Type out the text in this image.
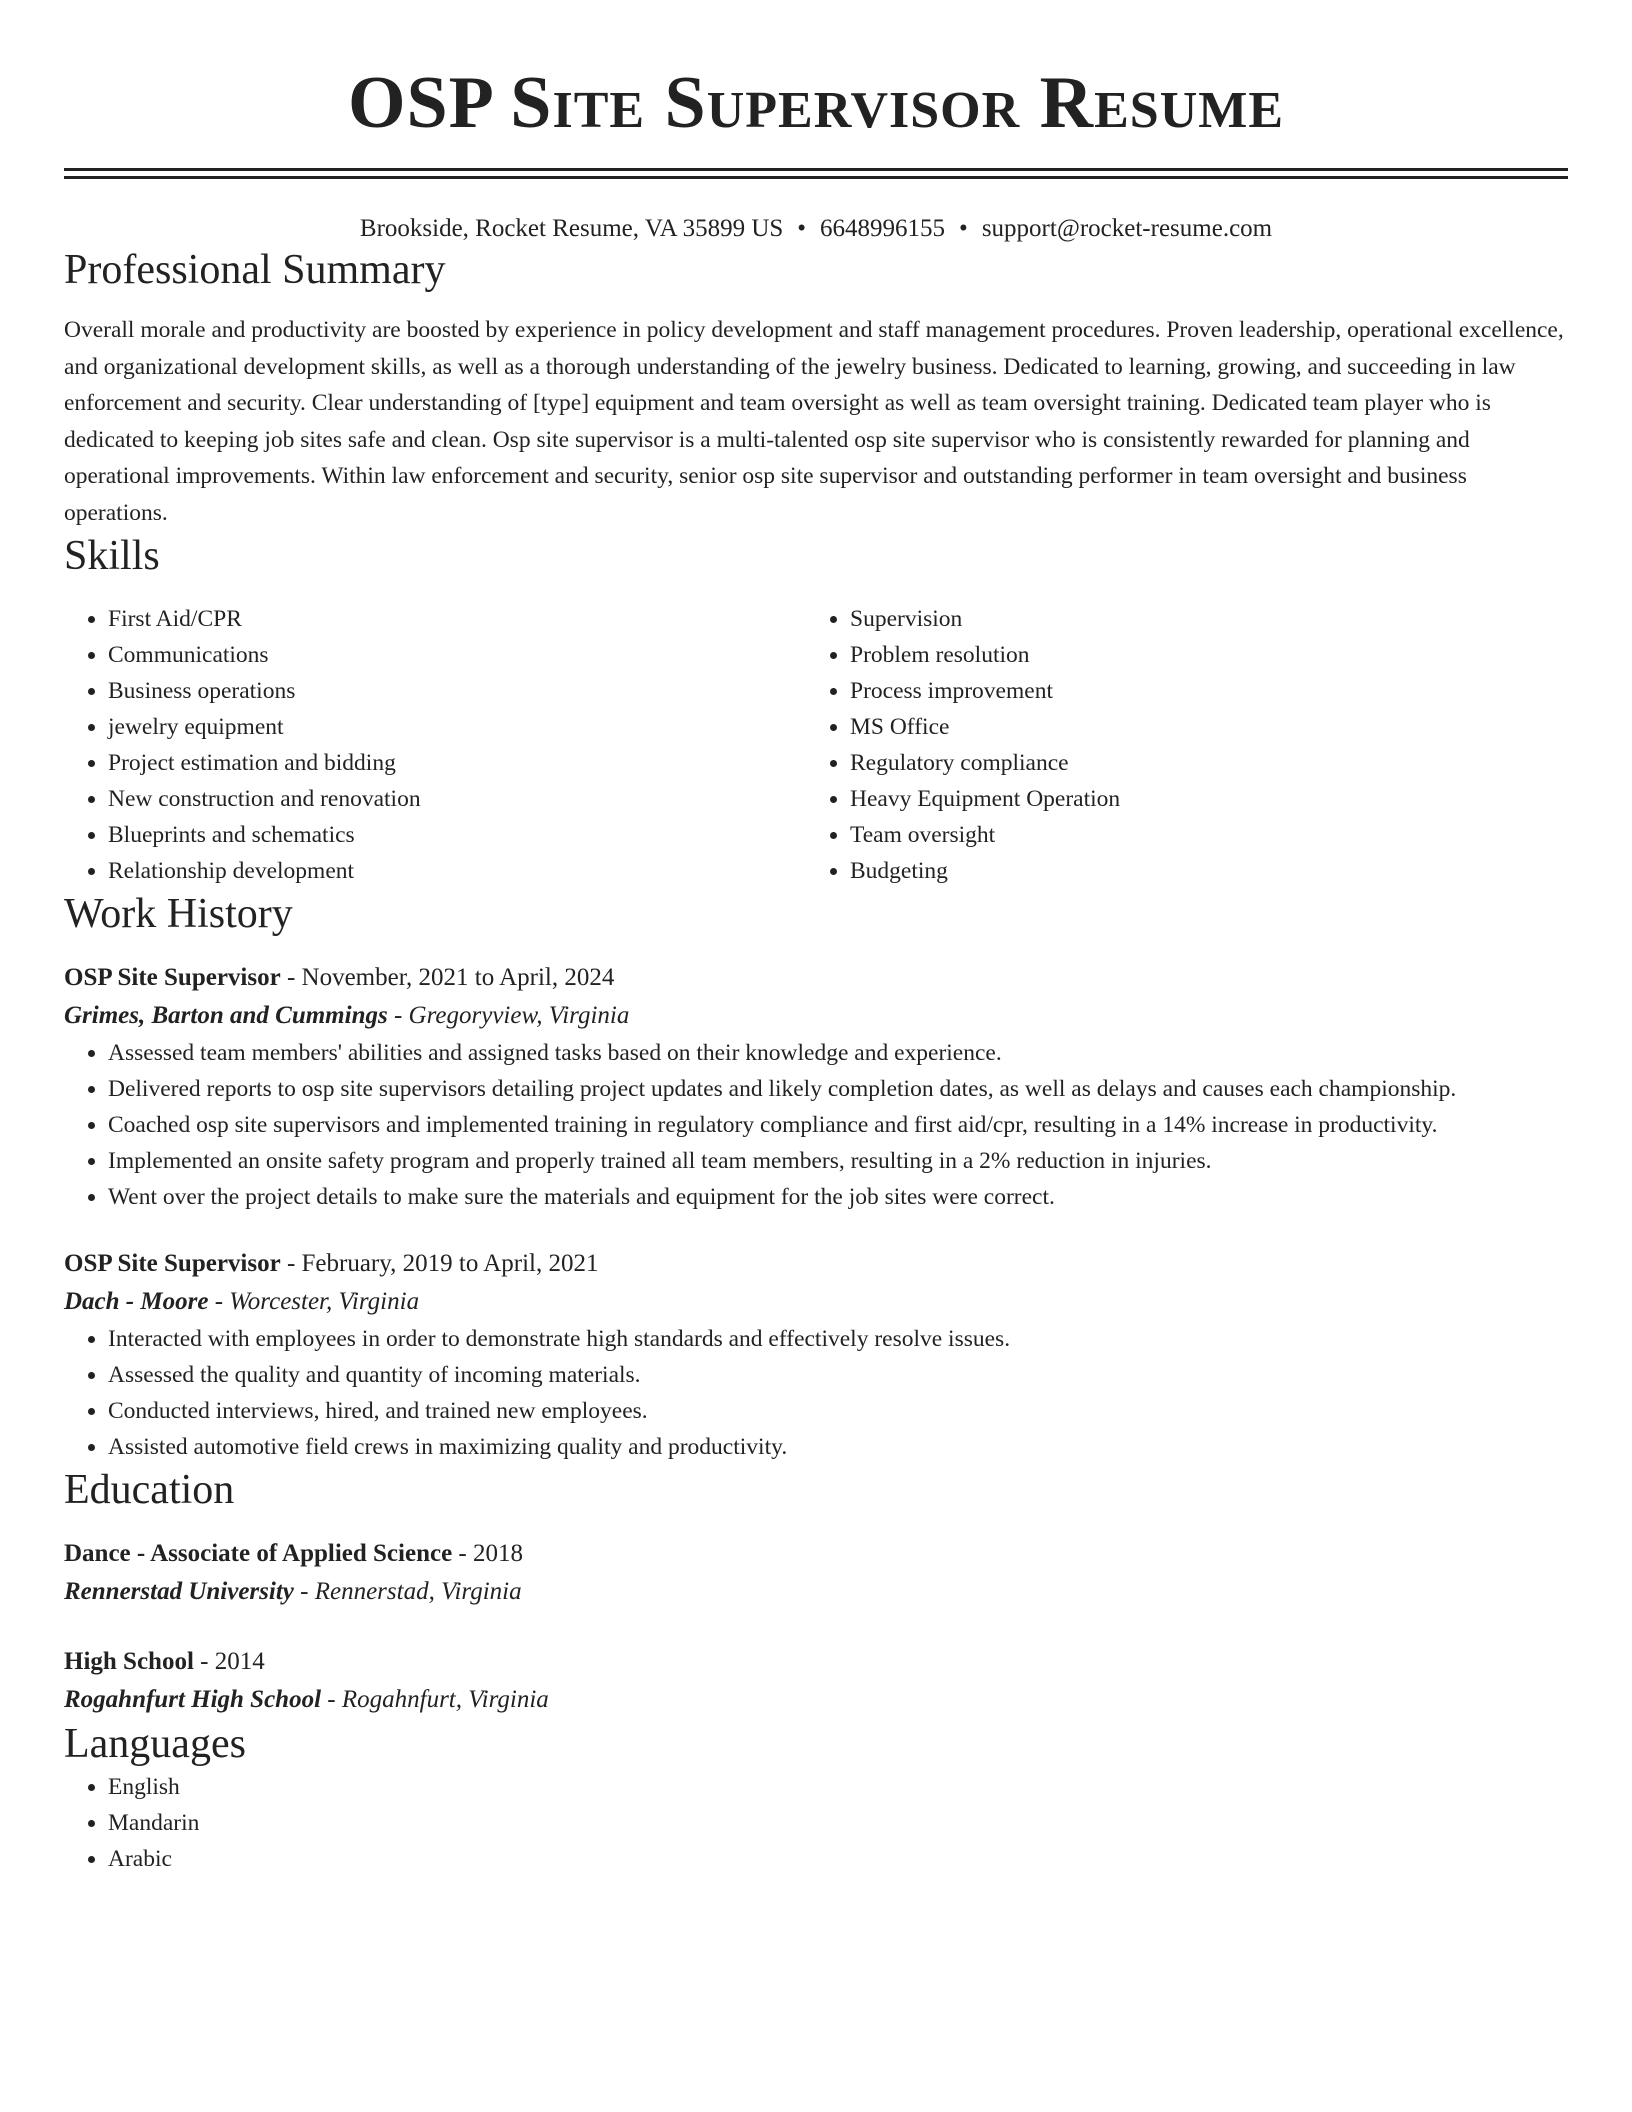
OSP Site Supervisor Resume
Brookside, Rocket Resume, VA 35899 US • 6648996155 • support@rocket-resume.com
Professional Summary
Overall morale and productivity are boosted by experience in policy development and staff management procedures. Proven leadership, operational excellence, and organizational development skills, as well as a thorough understanding of the jewelry business. Dedicated to learning, growing, and succeeding in law enforcement and security. Clear understanding of [type] equipment and team oversight as well as team oversight training. Dedicated team player who is dedicated to keeping job sites safe and clean. Osp site supervisor is a multi-talented osp site supervisor who is consistently rewarded for planning and operational improvements. Within law enforcement and security, senior osp site supervisor and outstanding performer in team oversight and business operations.
Skills
• First Aid/CPR
• Communications
• Business operations
• jewelry equipment
• Project estimation and bidding
• New construction and renovation
• Blueprints and schematics
• Relationship development
• Supervision
• Problem resolution
• Process improvement
• MS Office
• Regulatory compliance
• Heavy Equipment Operation
• Team oversight
• Budgeting
Work History
OSP Site Supervisor - November, 2021 to April, 2024
Grimes, Barton and Cummings - Gregoryview, Virginia
• Assessed team members' abilities and assigned tasks based on their knowledge and experience.
• Delivered reports to osp site supervisors detailing project updates and likely completion dates, as well as delays and causes each championship.
• Coached osp site supervisors and implemented training in regulatory compliance and first aid/cpr, resulting in a 14% increase in productivity.
• Implemented an onsite safety program and properly trained all team members, resulting in a 2% reduction in injuries.
• Went over the project details to make sure the materials and equipment for the job sites were correct.
OSP Site Supervisor - February, 2019 to April, 2021
Dach - Moore - Worcester, Virginia
• Interacted with employees in order to demonstrate high standards and effectively resolve issues.
• Assessed the quality and quantity of incoming materials.
• Conducted interviews, hired, and trained new employees.
• Assisted automotive field crews in maximizing quality and productivity.
Education
Dance - Associate of Applied Science - 2018
Rennerstad University - Rennerstad, Virginia
High School - 2014
Rogahnfurt High School - Rogahnfurt, Virginia
Languages
• English
• Mandarin
• Arabic
